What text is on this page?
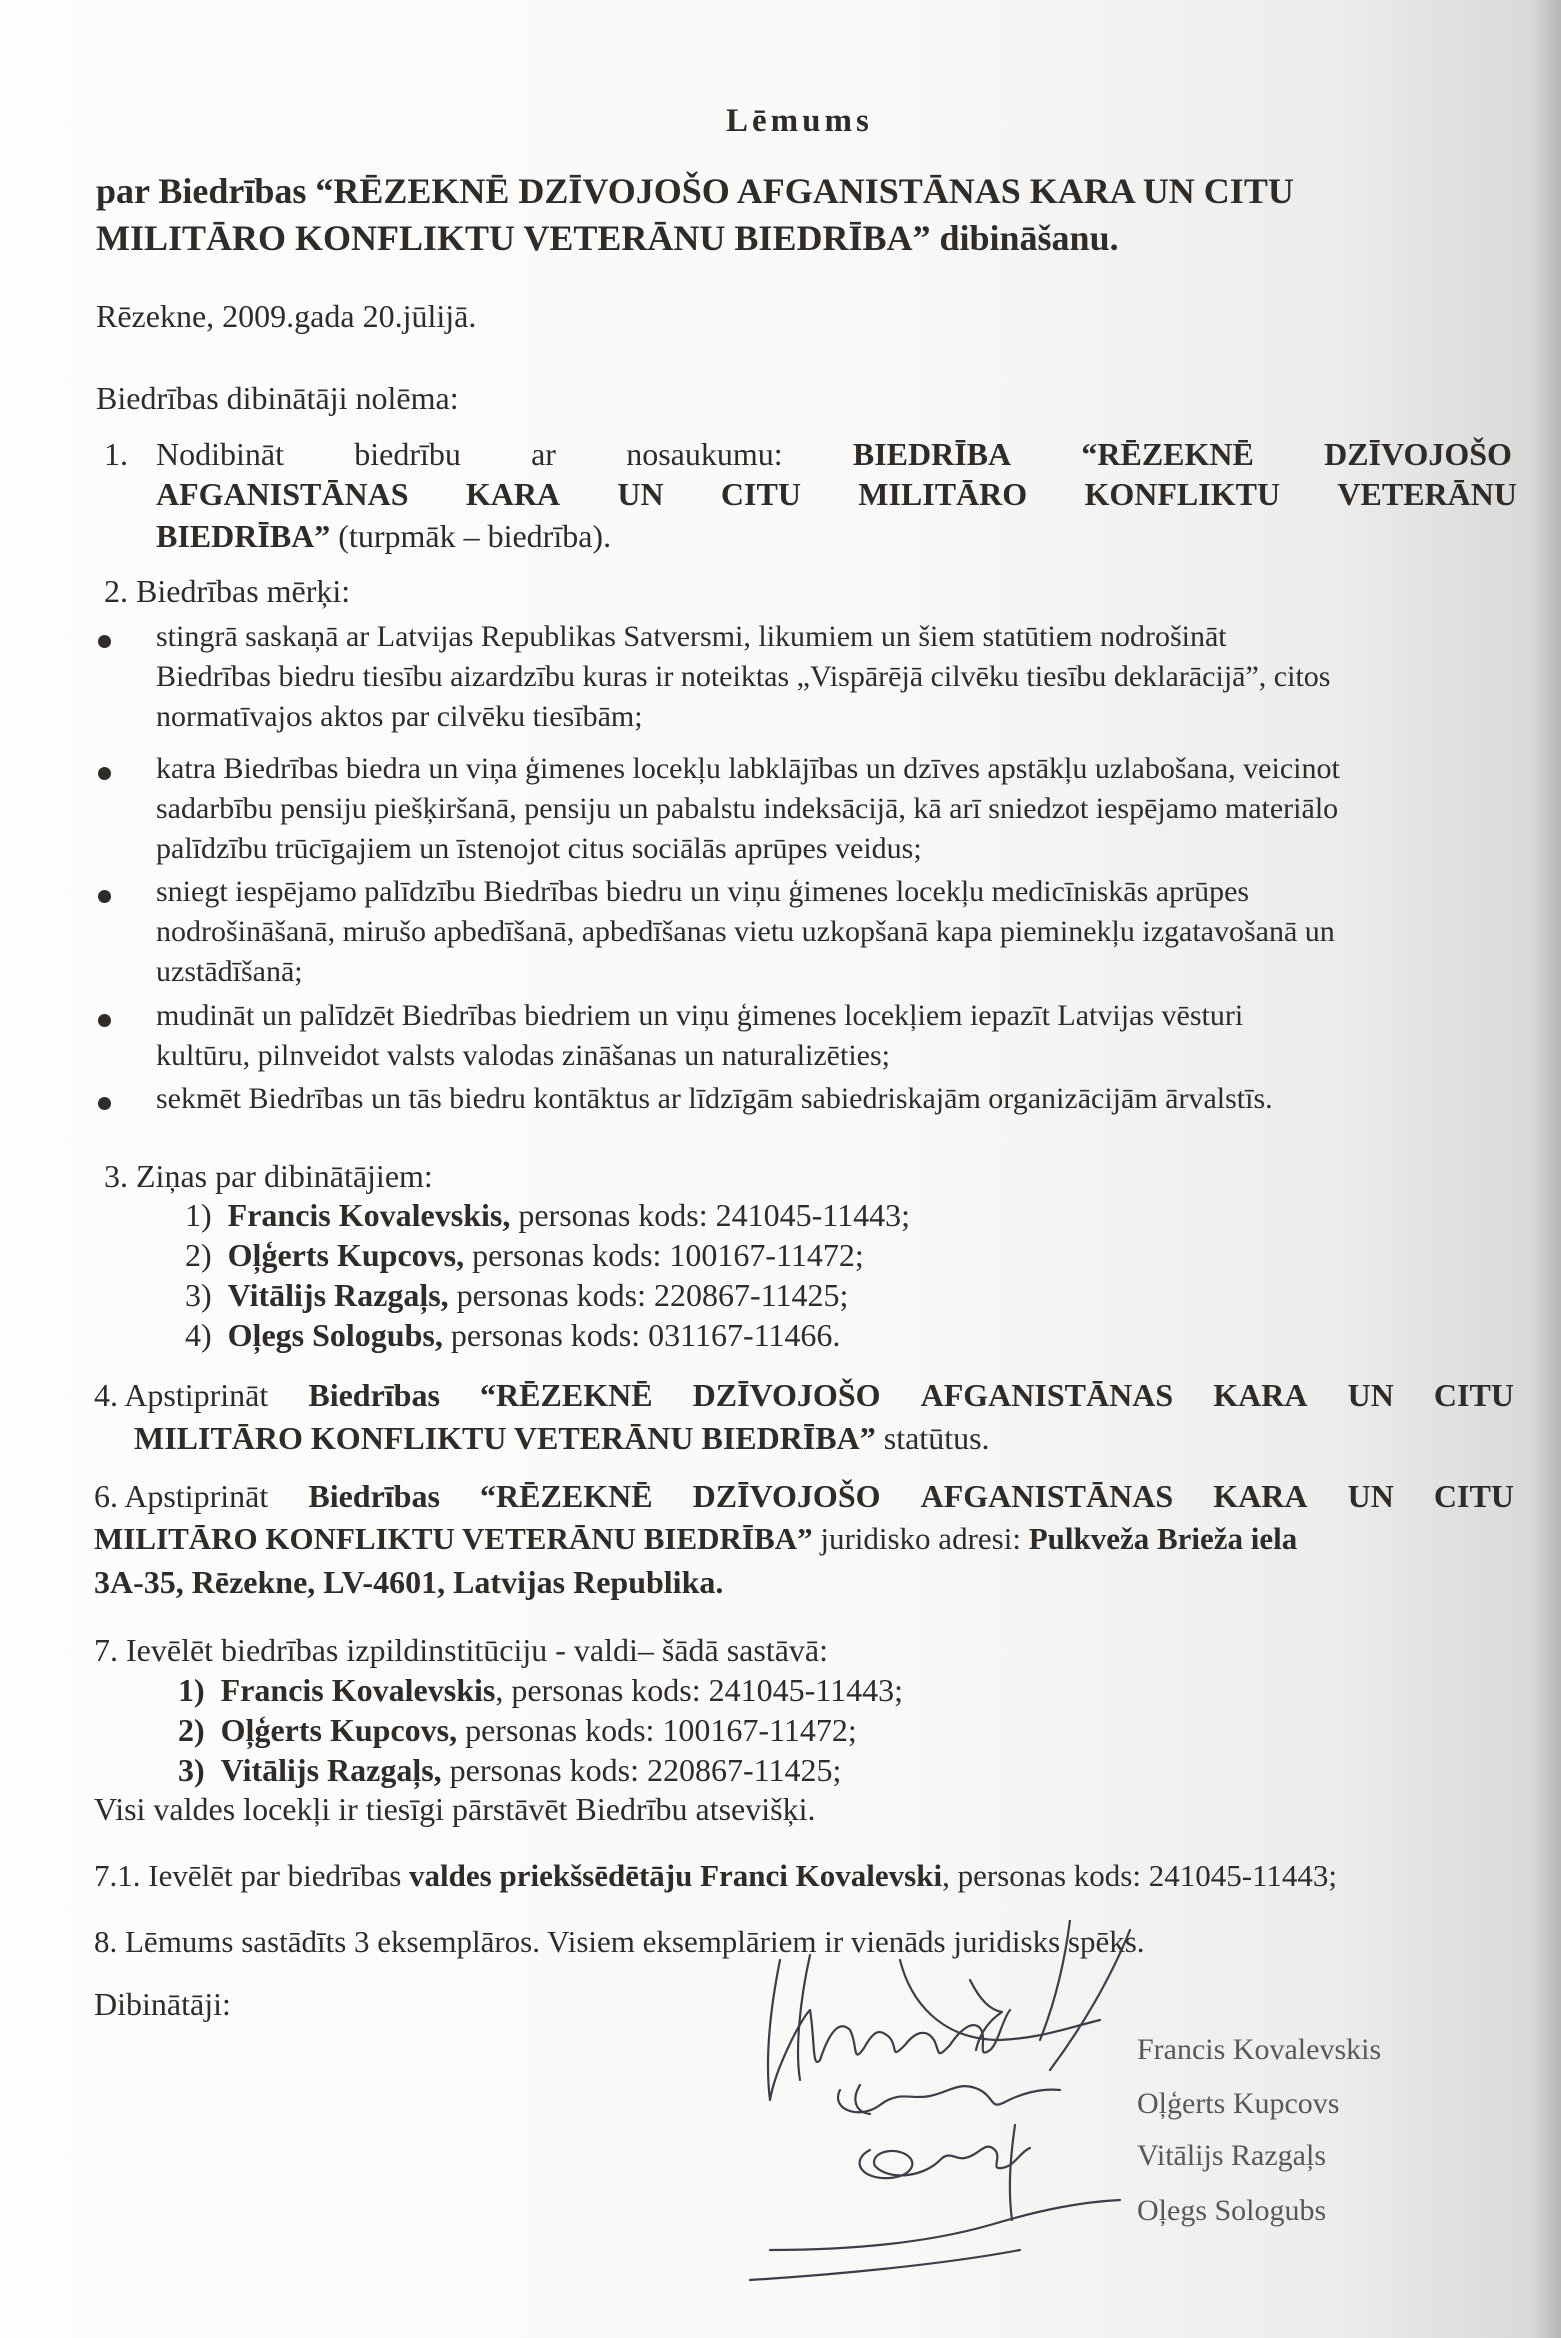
Lēmums
par Biedrības “RĒZEKNĒ DZĪVOJOŠO AFGANISTĀNAS KARA UN CITU
MILITĀRO KONFLIKTU VETERĀNU BIEDRĪBA” dibināšanu.
Rēzekne, 2009.gada 20.jūlijā.
Biedrības dibinātāji nolēma:
1. Nodibināt biedrību ar nosaukumu: BIEDRĪBA “RĒZEKNĒ DZĪVOJOŠO
AFGANISTĀNAS KARA UN CITU MILITĀRO KONFLIKTU VETERĀNU
BIEDRĪBA” (turpmāk – biedrība).
2. Biedrības mērķi:
stingrā saskaņā ar Latvijas Republikas Satversmi, likumiem un šiem statūtiem nodrošināt
Biedrības biedru tiesību aizardzību kuras ir noteiktas „Vispārējā cilvēku tiesību deklarācijā”, citos
normatīvajos aktos par cilvēku tiesībām;
katra Biedrības biedra un viņa ģimenes locekļu labklājības un dzīves apstākļu uzlabošana, veicinot
sadarbību pensiju piešķiršanā, pensiju un pabalstu indeksācijā, kā arī sniedzot iespējamo materiālo
palīdzību trūcīgajiem un īstenojot citus sociālās aprūpes veidus;
sniegt iespējamo palīdzību Biedrības biedru un viņu ģimenes locekļu medicīniskās aprūpes
nodrošināšanā, mirušo apbedīšanā, apbedīšanas vietu uzkopšanā kapa pieminekļu izgatavošanā un
uzstādīšanā;
mudināt un palīdzēt Biedrības biedriem un viņu ģimenes locekļiem iepazīt Latvijas vēsturi
kultūru, pilnveidot valsts valodas zināšanas un naturalizēties;
sekmēt Biedrības un tās biedru kontāktus ar līdzīgām sabiedriskajām organizācijām ārvalstīs.
3. Ziņas par dibinātājiem:
1) Francis Kovalevskis, personas kods: 241045-11443;
2) Oļģerts Kupcovs, personas kods: 100167-11472;
3) Vitālijs Razgaļs, personas kods: 220867-11425;
4) Oļegs Sologubs, personas kods: 031167-11466.
4. Apstiprināt Biedrības “RĒZEKNĒ DZĪVOJOŠO AFGANISTĀNAS KARA UN CITU
MILITĀRO KONFLIKTU VETERĀNU BIEDRĪBA” statūtus.
6. Apstiprināt Biedrības “RĒZEKNĒ DZĪVOJOŠO AFGANISTĀNAS KARA UN CITU
MILITĀRO KONFLIKTU VETERĀNU BIEDRĪBA” juridisko adresi: Pulkveža Brieža iela
3A-35, Rēzekne, LV-4601, Latvijas Republika.
7. Ievēlēt biedrības izpildinstitūciju - valdi– šādā sastāvā:
1) Francis Kovalevskis, personas kods: 241045-11443;
2) Oļģerts Kupcovs, personas kods: 100167-11472;
3) Vitālijs Razgaļs, personas kods: 220867-11425;
Visi valdes locekļi ir tiesīgi pārstāvēt Biedrību atsevišķi.
7.1. Ievēlēt par biedrības valdes priekšsēdētāju Franci Kovalevski, personas kods: 241045-11443;
8. Lēmums sastādīts 3 eksemplāros. Visiem eksemplāriem ir vienāds juridisks spēks.
Dibinātāji:
Francis Kovalevskis
Oļģerts Kupcovs
Vitālijs Razgaļs
Oļegs Sologubs
